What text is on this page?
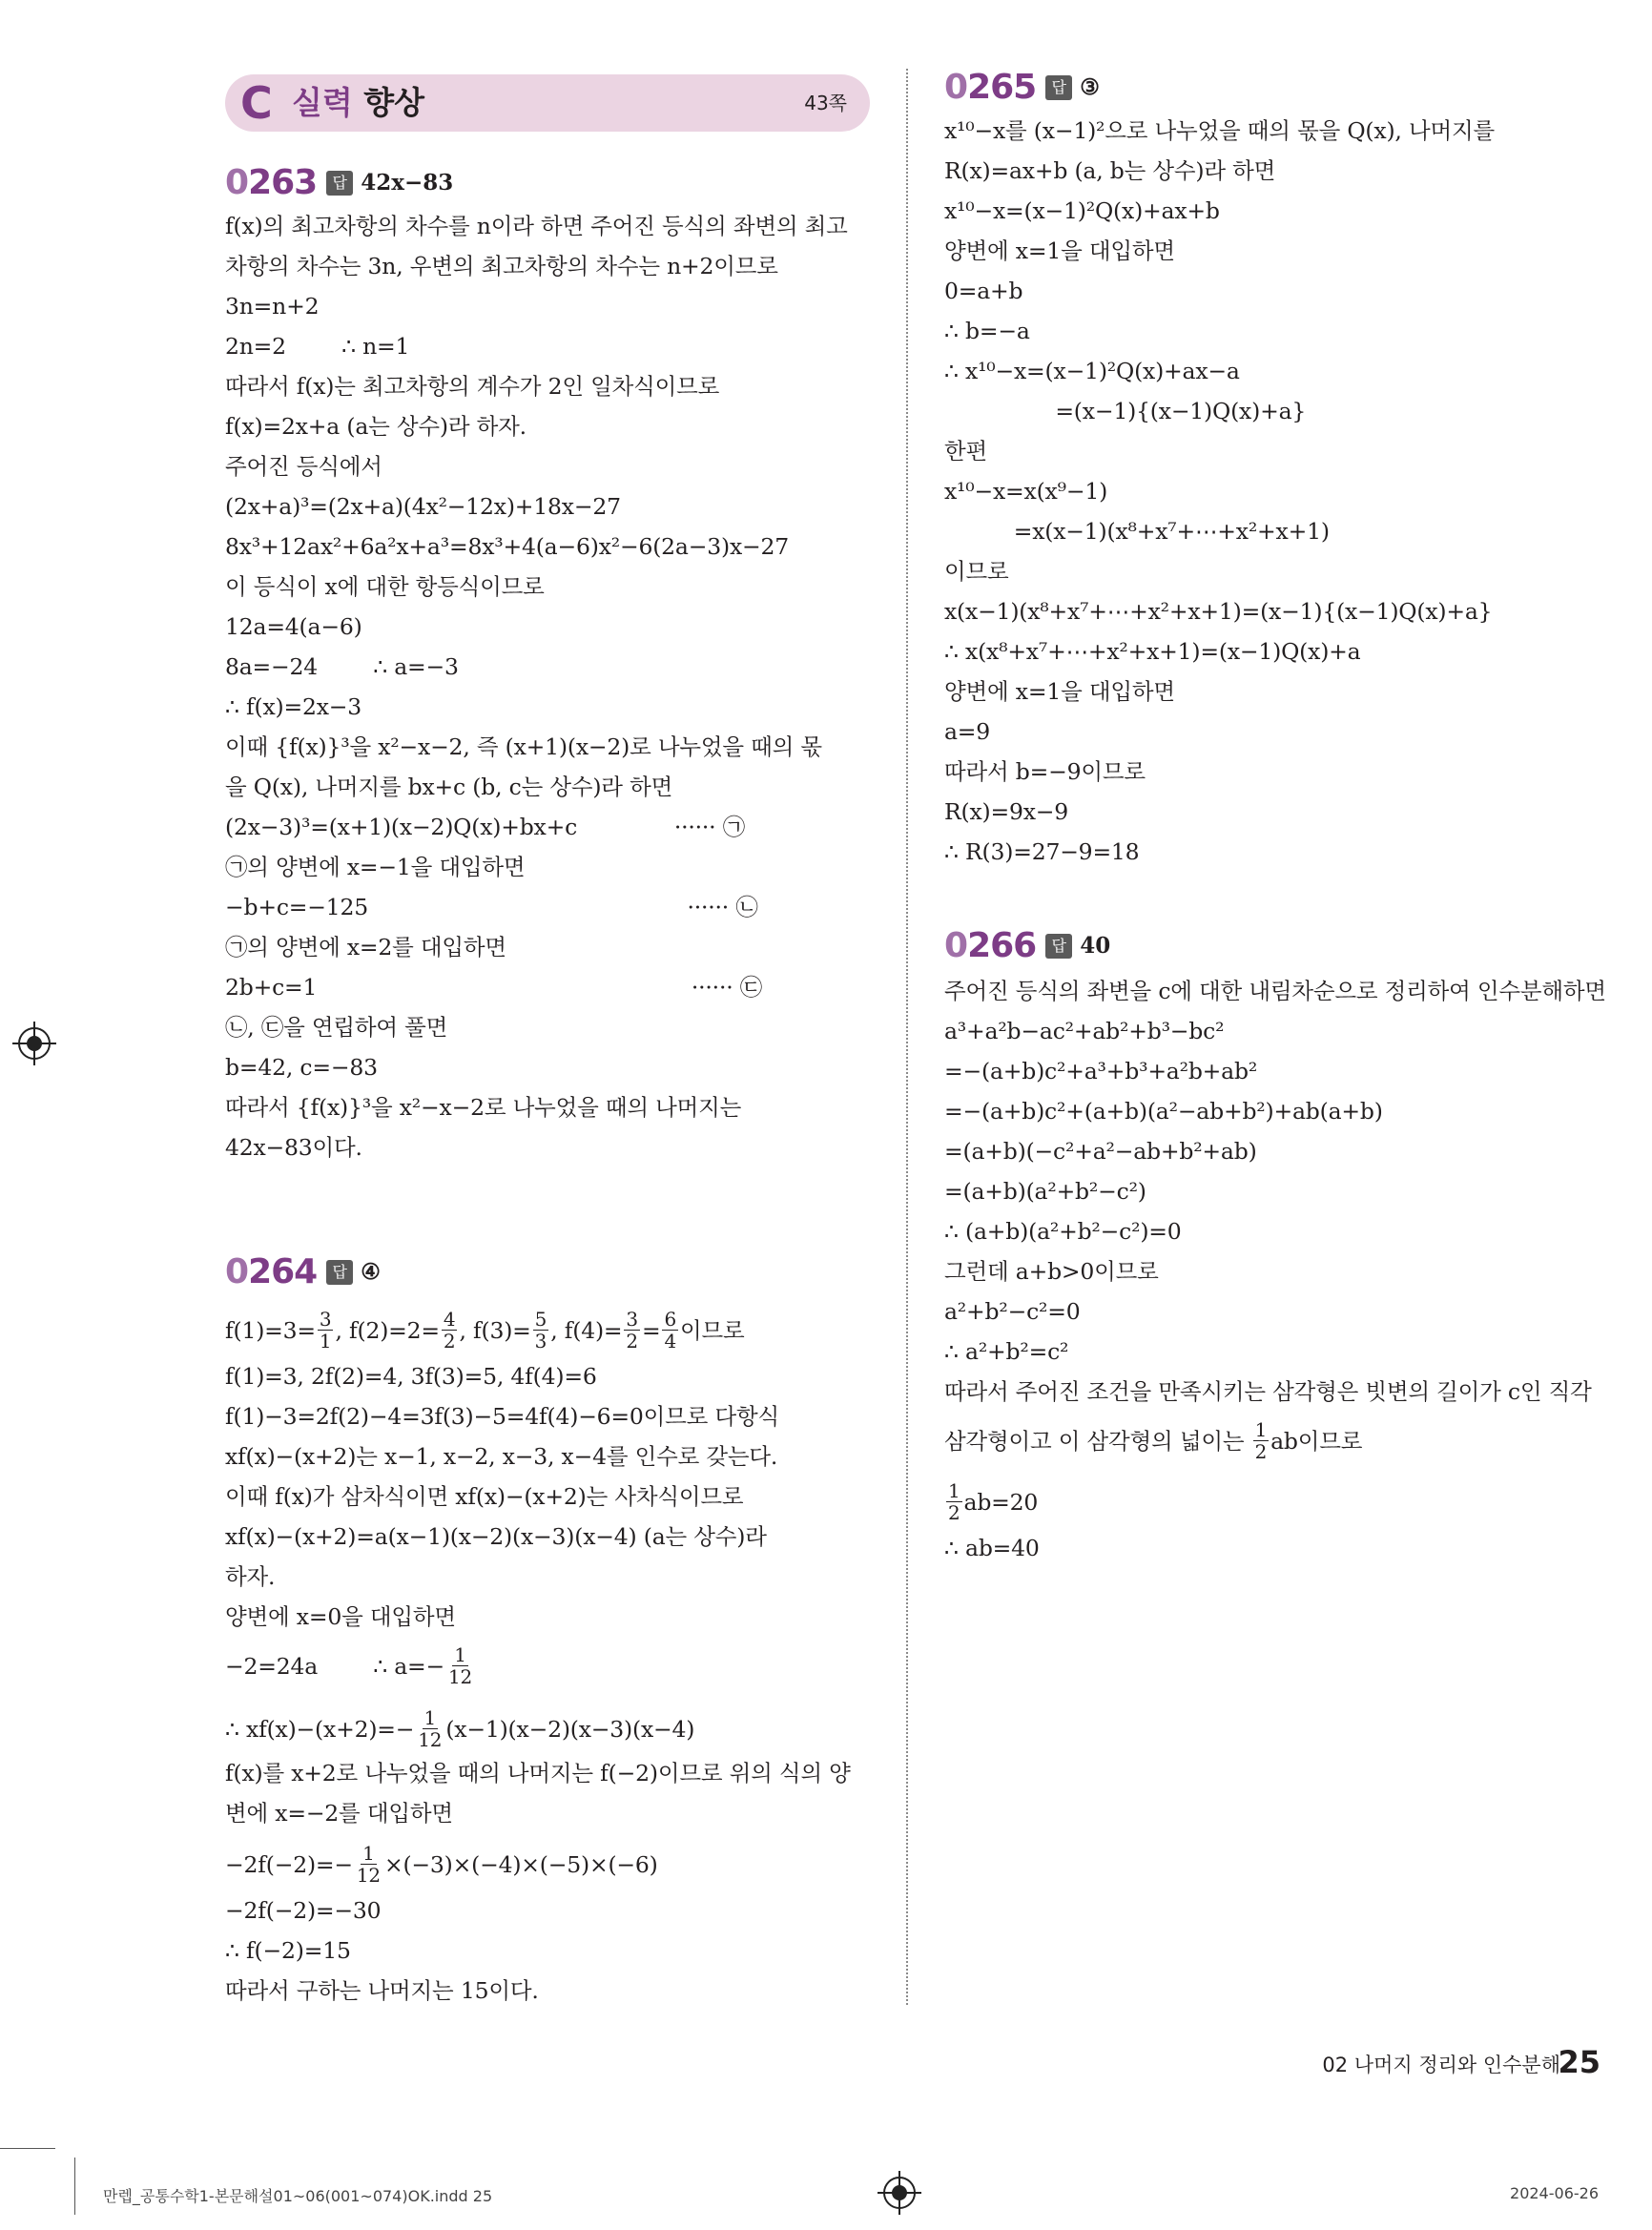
C 실력 향상	43쪽
0263	답 42x−83
f(x)의 최고차항의 차수를 n이라 하면 주어진 등식의 좌변의 최고
차항의 차수는 3n, 우변의 최고차항의 차수는 n+2이므로
3n=n+2
2n=2        ∴ n=1
따라서 f(x)는 최고차항의 계수가 2인 일차식이므로
f(x)=2x+a (a는 상수)라 하자.
주어진 등식에서
(2x+a)³=(2x+a)(4x²−12x)+18x−27
8x³+12ax²+6a²x+a³=8x³+4(a−6)x²−6(2a−3)x−27
이 등식이 x에 대한 항등식이므로
12a=4(a−6)
8a=−24        ∴ a=−3
∴ f(x)=2x−3
이때 {f(x)}³을 x²−x−2, 즉 (x+1)(x−2)로 나누었을 때의 몫
을 Q(x), 나머지를 bx+c (b, c는 상수)라 하면
(2x−3)³=(x+1)(x−2)Q(x)+bx+c              ······ ㉠
㉠의 양변에 x=−1을 대입하면
−b+c=−125                                              ······ ㉡
㉠의 양변에 x=2를 대입하면
2b+c=1                                                      ······ ㉢
㉡, ㉢을 연립하여 풀면
b=42, c=−83
따라서 {f(x)}³을 x²−x−2로 나누었을 때의 나머지는
42x−83이다.
0264	답 ④
$f(1)=3= \frac{3}{1}$ , $f(2)=2= \frac{4}{2}$ , $f(3)= \frac{5}{3}$ , $f(4)= \frac{3}{2} = \frac{6}{4}$ 이므로
f(1)=3, 2f(2)=4, 3f(3)=5, 4f(4)=6
f(1)−3=2f(2)−4=3f(3)−5=4f(4)−6=0이므로 다항식
xf(x)−(x+2)는 x−1, x−2, x−3, x−4를 인수로 갖는다.
이때 f(x)가 삼차식이면 xf(x)−(x+2)는 사차식이므로
xf(x)−(x+2)=a(x−1)(x−2)(x−3)(x−4) (a는 상수)라
하자.
양변에 x=0을 대입하면
−2=24a        ∴ $a=- \frac{1}{12}$
∴ $xf(x)-(x+2)=- \frac{1}{12} (x-1)(x-2)(x-3)(x-4)$
f(x)를 x+2로 나누었을 때의 나머지는 f(−2)이므로 위의 식의 양
변에 x=−2를 대입하면
$-2f(-2)=- \frac{1}{12} \times(-3)\times(-4)\times(-5)\times(-6)$
−2f(−2)=−30
∴ f(−2)=15
따라서 구하는 나머지는 15이다.
0265	답 ③
x¹⁰−x를 (x−1)²으로 나누었을 때의 몫을 Q(x), 나머지를
R(x)=ax+b (a, b는 상수)라 하면
x¹⁰−x=(x−1)²Q(x)+ax+b
양변에 x=1을 대입하면
0=a+b
∴ b=−a
∴ x¹⁰−x=(x−1)²Q(x)+ax−a
=(x−1){(x−1)Q(x)+a}
한편
x¹⁰−x=x(x⁹−1)
=x(x−1)(x⁸+x⁷+⋯+x²+x+1)
이므로
x(x−1)(x⁸+x⁷+⋯+x²+x+1)=(x−1){(x−1)Q(x)+a}
∴ x(x⁸+x⁷+⋯+x²+x+1)=(x−1)Q(x)+a
양변에 x=1을 대입하면
a=9
따라서 b=−9이므로
R(x)=9x−9
∴ R(3)=27−9=18
0266	답 40
주어진 등식의 좌변을 c에 대한 내림차순으로 정리하여 인수분해하면
a³+a²b−ac²+ab²+b³−bc²
=−(a+b)c²+a³+b³+a²b+ab²
=−(a+b)c²+(a+b)(a²−ab+b²)+ab(a+b)
=(a+b)(−c²+a²−ab+b²+ab)
=(a+b)(a²+b²−c²)
∴ (a+b)(a²+b²−c²)=0
그런데 a+b>0이므로
a²+b²−c²=0
∴ a²+b²=c²
따라서 주어진 조건을 만족시키는 삼각형은 빗변의 길이가 c인 직각
삼각형이고 이 삼각형의 넓이는 $\frac{1}{2}$ ab이므로
$\frac{1}{2} ab=20$
∴ ab=40
02 나머지 정리와 인수분해
25
만렙_공통수학1-본문해설01~06(001~074)OK.indd 25	2024-06-26
